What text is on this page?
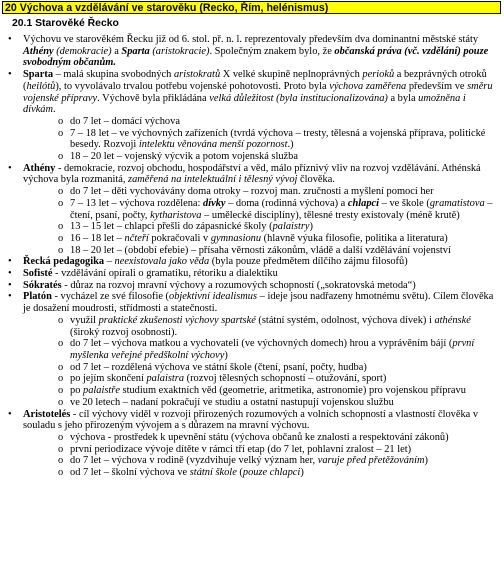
20 Výchova a vzdělávání ve starověku (Recko, Řím, helénismus)
20.1 Starověké Řecko
• Výchovu ve starověkém Řecku již od 6. stol. př. n. l. reprezentovaly především dva dominantní městské státy Athény (demokracie) a Sparta (aristokracie). Společným znakem bylo, že občanská práva (vč. vzdělání) pouze svobodným občanům.
• Sparta – malá skupina svobodných aristokratů X velké skupině neplnoprávných perioků a bezprávných otroků (heilótů), to vyvolávalo trvalou potřebu vojenské pohotovosti. Proto byla výchova zaměřena především ve směru vojenské přípravy. Výchově byla přikládána velká důležitost (byla institucionalizována) a byla umožněna i dívkám.
o do 7 let – domácí výchova
o 7 – 18 let – ve výchovných zařízeních (tvrdá výchova – tresty, tělesná a vojenská příprava, politické besedy. Rozvoji intelektu věnována menší pozornost.)
o 18 – 20 let – vojenský výcvik a potom vojenská služba
• Athény - demokracie, rozvoj obchodu, hospodářství a věd, málo příznivý vliv na rozvoj vzdělávání. Athénská výchova byla rozmanitá, zaměřená na intelektuální i tělesný vývoj člověka.
o do 7 let – děti vychovávány doma otroky – rozvoj man. zručnosti a myšlení pomocí her
o 7 – 13 let – výchova rozdělena: dívky – doma (rodinná výchova) a chlapci – ve škole (gramatistova – čtení, psaní, počty, kytharistova – umělecké disciplíny), tělesné tresty existovaly (méně krutě)
o 13 – 15 let – chlapci přešli do zápasnické školy (palaistry)
o 16 – 18 let – nčteří pokračovali v gymnasionu (hlavně výuka filosofie, politika a literatura)
o 18 – 20 let – (období efebie) – přísaha věrnosti zákonům, vládě a další vzdělávání vojenství
• Řecká pedagogika – neexistovala jako věda (byla pouze předmětem dílčího zájmu filosofů)
• Sofisté - vzdělávání opírali o gramatiku, rétoriku a dialektiku
• Sókratés - důraz na rozvoj mravní výchovy a rozumových schopností („sokratovská metoda“)
• Platón - vycházel ze své filosofie (objektivní idealismus – ideje jsou nadřazeny hmotnému světu). Cílem člověka je dosažení moudrosti, střídmosti a statečnosti.
o využil praktické zkušenosti výchovy spartské (státní systém, odolnost, výchova dívek) i athénské (široký rozvoj osobnosti).
o do 7 let – výchova matkou a vychovateli (ve výchovných domech) hrou a vyprávěním bájí (první myšlenka veřejné předškolní výchovy)
o od 7 let – rozdělená výchova ve státní škole (čtení, psaní, počty, hudba)
o po jejím skončení palaistra (rozvoj tělesných schopností – otužování, sport)
o po palaistře studium exaktních věd (geometrie, aritmetika, astronomie) pro vojenskou přípravu
o ve 20 letech – nadaní pokračují ve studiu a ostatní nastupují vojenskou službu
• Aristotelés - cíl výchovy viděl v rozvoji přirozených rozumových a volních schopností a vlastností člověka v souladu s jeho přirozeným vývojem a s důrazem na mravní výchovu.
o výchova - prostředek k upevnění státu (výchova občanů ke znalosti a respektování zákonů)
o první periodizace vývoje dítěte v rámci tří etap (do 7 let, pohlavní zralost – 21 let)
o do 7 let – výchova v rodině (vyzdvihuje velký význam her, varuje před přetěžováním)
o od 7 let – školní výchova ve státní škole (pouze chlapci)
